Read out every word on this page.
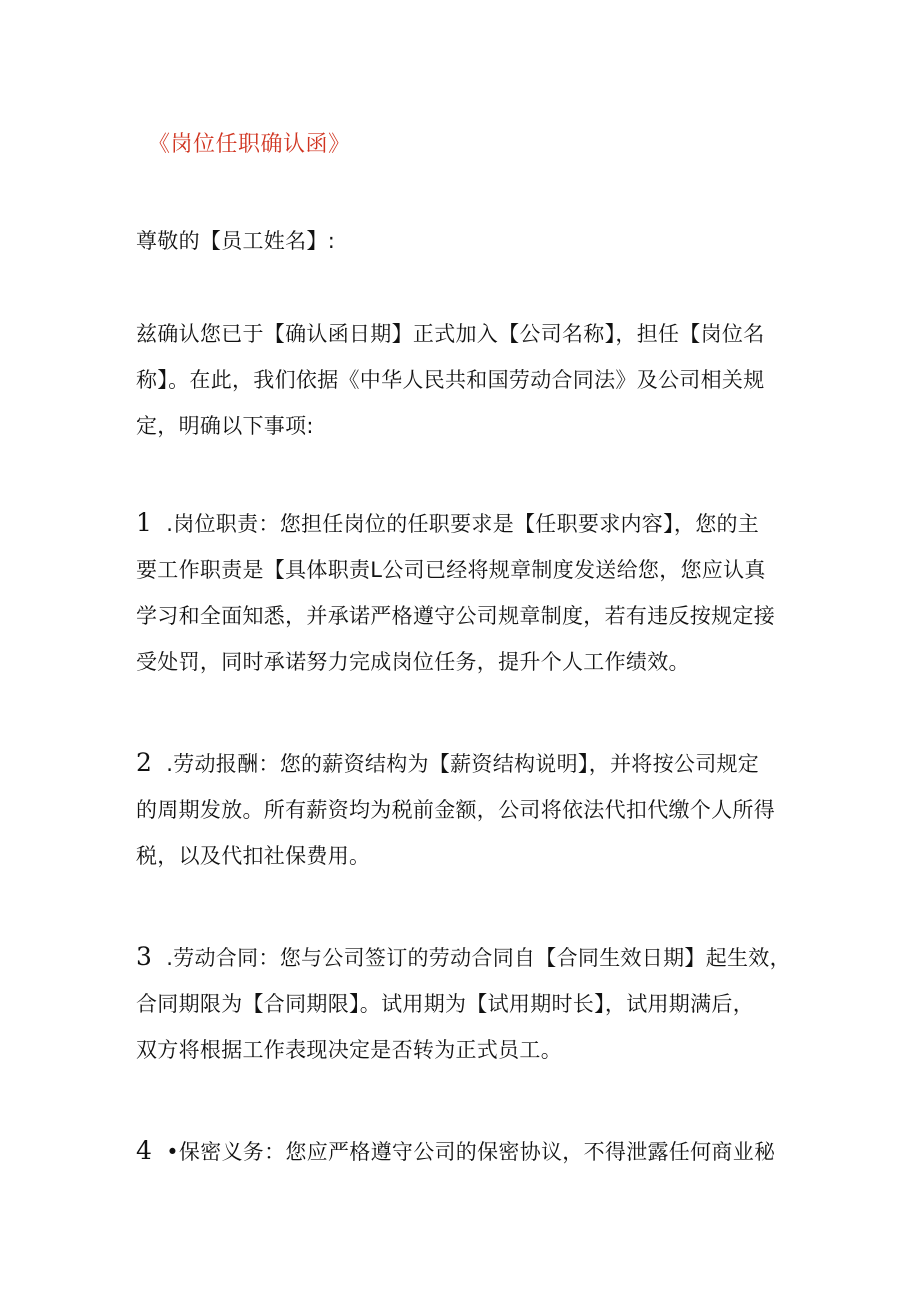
《岗位任职确认函》
尊敬的【员工姓名】:
兹确认您已于【确认函日期】正式加入【公司名称】，担任【岗位名
称】。在此，我们依据《中华人民共和国劳动合同法》及公司相关规
定，明确以下事项:
1 .岗位职责：您担任岗位的任职要求是【任职要求内容】，您的主
要工作职责是【具体职责L公司已经将规章制度发送给您，您应认真
学习和全面知悉，并承诺严格遵守公司规章制度，若有违反按规定接
受处罚，同时承诺努力完成岗位任务，提升个人工作绩效。
2 .劳动报酬：您的薪资结构为【薪资结构说明】，并将按公司规定
的周期发放。所有薪资均为税前金额，公司将依法代扣代缴个人所得
税，以及代扣社保费用。
3 .劳动合同：您与公司签订的劳动合同自【合同生效日期】起生效，
合同期限为【合同期限】。试用期为【试用期时长】，试用期满后，
双方将根据工作表现决定是否转为正式员工。
4 •保密义务：您应严格遵守公司的保密协议，不得泄露任何商业秘
